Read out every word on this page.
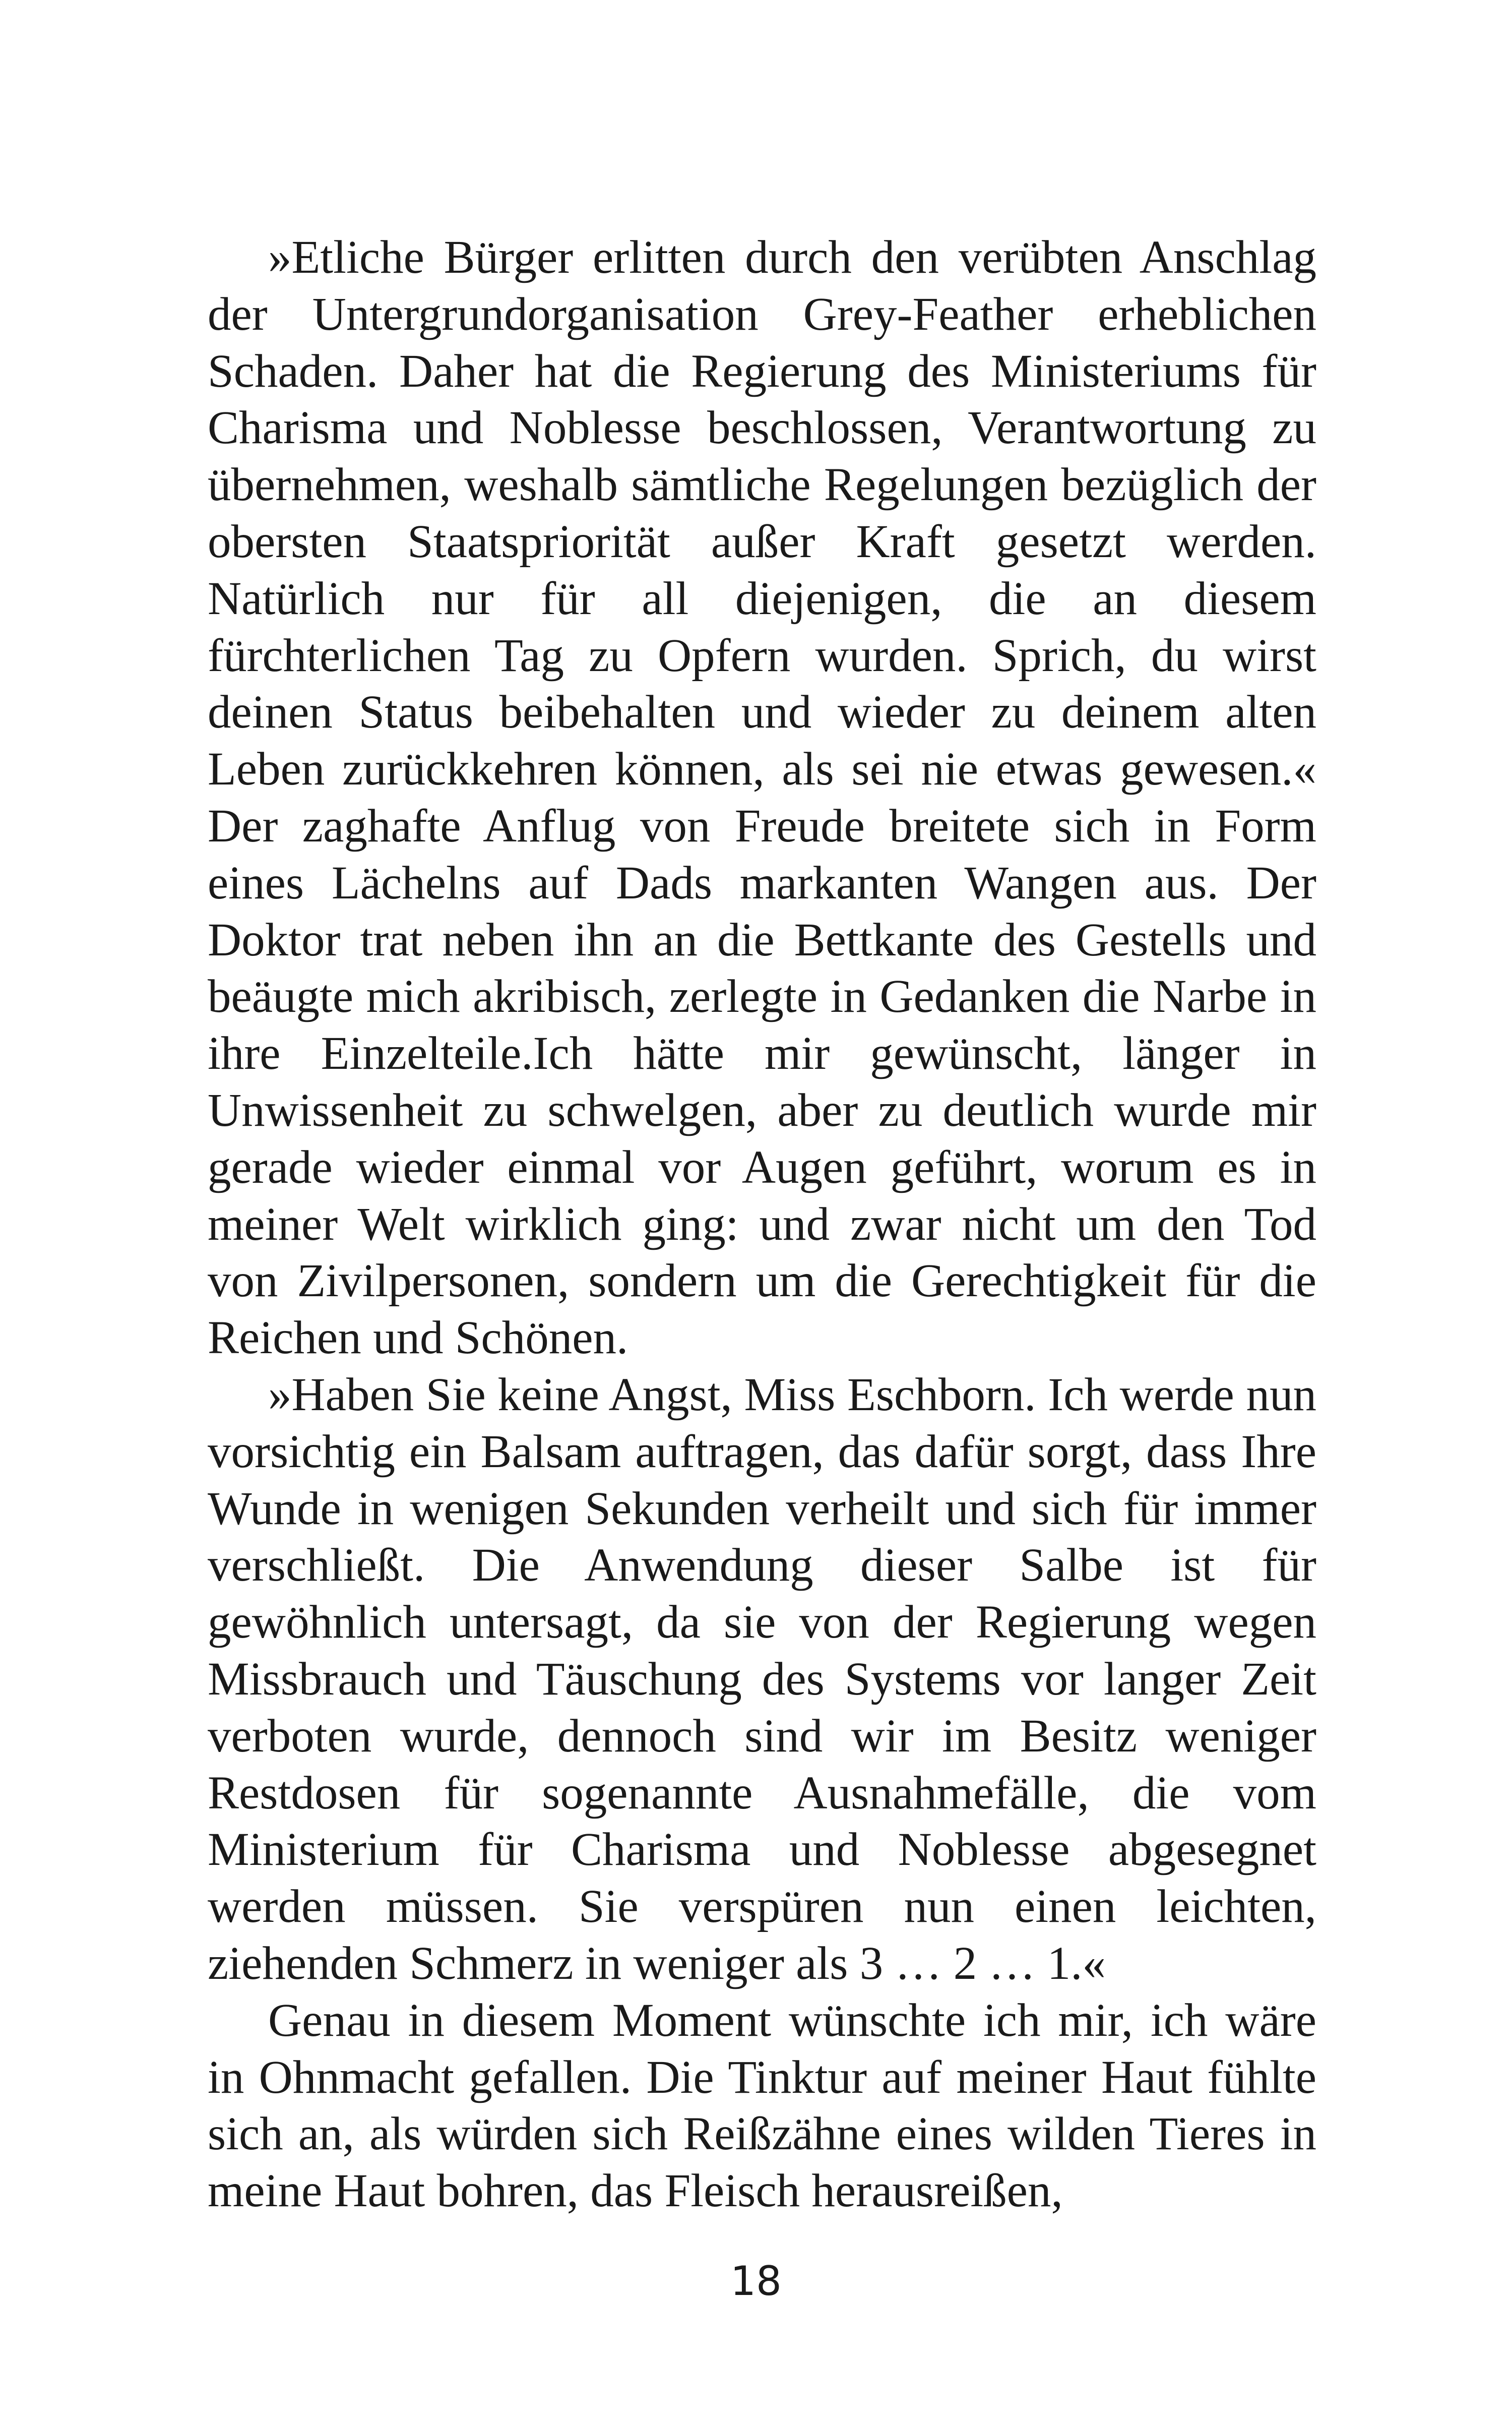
»Etliche Bürger erlitten durch den verübten Anschlag der Untergrundorganisation Grey-Feather erheblichen Schaden. Daher hat die Regierung des Ministeriums für Charisma und Noblesse beschlossen, Verantwortung zu übernehmen, weshalb sämtliche Regelungen bezüglich der obersten Staatspriorität außer Kraft gesetzt werden. Natürlich nur für all diejenigen, die an diesem fürchterlichen Tag zu Opfern wurden. Sprich, du wirst deinen Status beibehalten und wieder zu deinem alten Leben zurückkehren können, als sei nie etwas gewesen.« Der zaghafte Anflug von Freude breitete sich in Form eines Lächelns auf Dads markanten Wangen aus. Der Doktor trat neben ihn an die Bettkante des Gestells und beäugte mich akribisch, zerlegte in Gedanken die Narbe in ihre Einzelteile.Ich hätte mir gewünscht, länger in Unwissenheit zu schwelgen, aber zu deutlich wurde mir gerade wieder einmal vor Augen geführt, worum es in meiner Welt wirklich ging: und zwar nicht um den Tod von Zivilpersonen, sondern um die Gerechtigkeit für die Reichen und Schönen.

»Haben Sie keine Angst, Miss Eschborn. Ich werde nun vorsichtig ein Balsam auftragen, das dafür sorgt, dass Ihre Wunde in wenigen Sekunden verheilt und sich für immer verschließt. Die Anwendung dieser Salbe ist für gewöhnlich untersagt, da sie von der Regierung wegen Missbrauch und Täuschung des Systems vor langer Zeit verboten wurde, dennoch sind wir im Besitz weniger Restdosen für sogenannte Ausnahmefälle, die vom Ministerium für Charisma und Noblesse abgesegnet werden müssen. Sie verspüren nun einen leichten, ziehenden Schmerz in weniger als 3 … 2 … 1.«

Genau in diesem Moment wünschte ich mir, ich wäre in Ohnmacht gefallen. Die Tinktur auf meiner Haut fühlte sich an, als würden sich Reißzähne eines wilden Tieres in meine Haut bohren, das Fleisch herausreißen,

18
